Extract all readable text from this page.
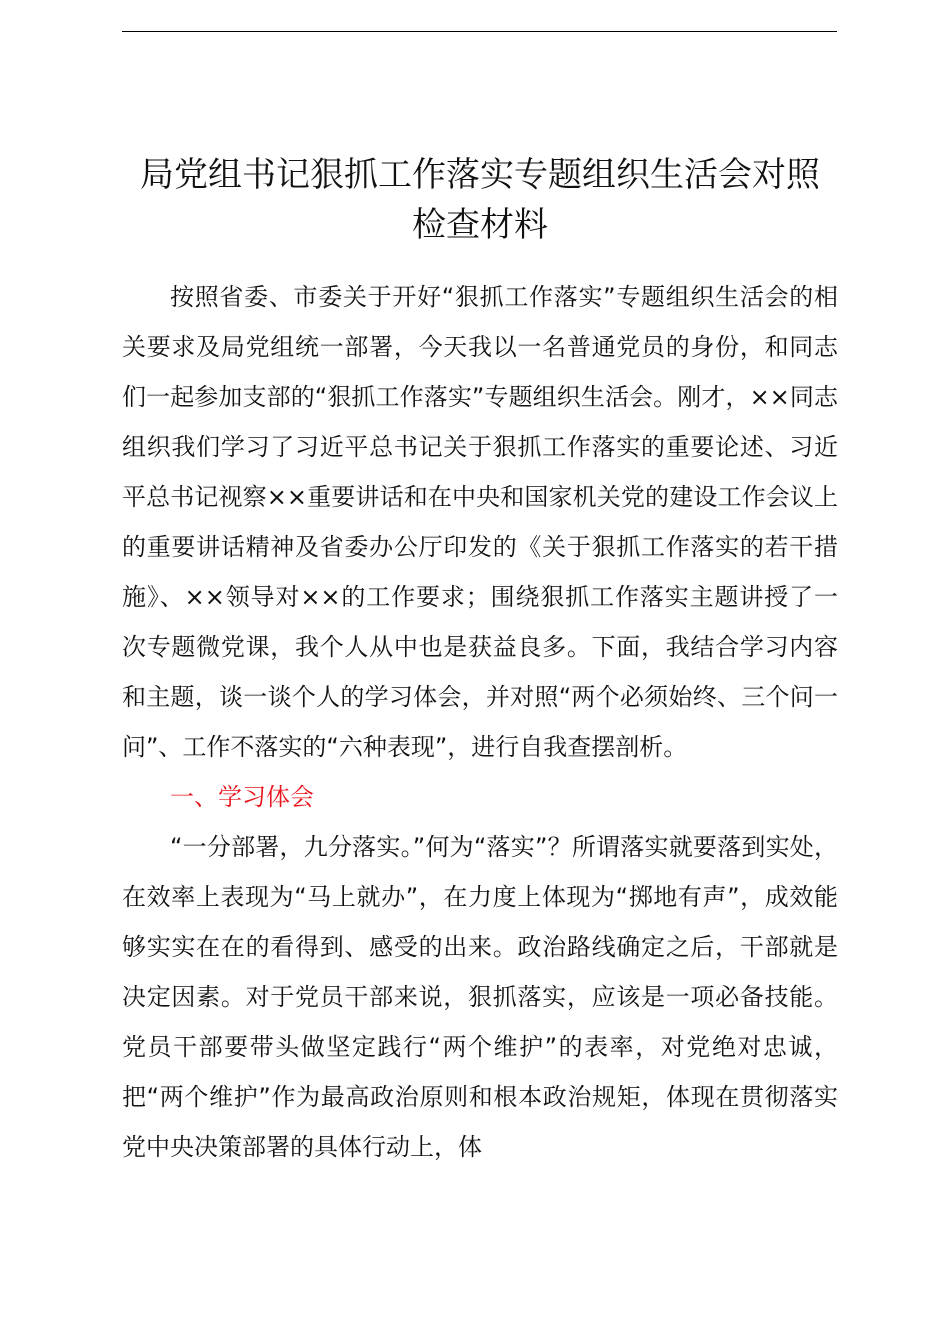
局党组书记狠抓工作落实专题组织生活会对照
检查材料

按照省委、市委关于开好“狠抓工作落实”专题组织生活会的相关要求及局党组统一部署，今天我以一名普通党员的身份，和同志们一起参加支部的“狠抓工作落实”专题组织生活会。刚才，××同志组织我们学习了习近平总书记关于狠抓工作落实的重要论述、习近平总书记视察××重要讲话和在中央和国家机关党的建设工作会议上的重要讲话精神及省委办公厅印发的《关于狠抓工作落实的若干措施》、××领导对××的工作要求；围绕狠抓工作落实主题讲授了一次专题微党课，我个人从中也是获益良多。下面，我结合学习内容和主题，谈一谈个人的学习体会，并对照“两个必须始终、三个问一问”、工作不落实的“六种表现”，进行自我查摆剖析。

一、学习体会

“一分部署，九分落实。”何为“落实”？所谓落实就要落到实处，在效率上表现为“马上就办”，在力度上体现为“掷地有声”，成效能够实实在在的看得到、感受的出来。政治路线确定之后，干部就是决定因素。对于党员干部来说，狠抓落实，应该是一项必备技能。党员干部要带头做坚定践行“两个维护”的表率，对党绝对忠诚，把“两个维护”作为最高政治原则和根本政治规矩，体现在贯彻落实党中央决策部署的具体行动上，体
